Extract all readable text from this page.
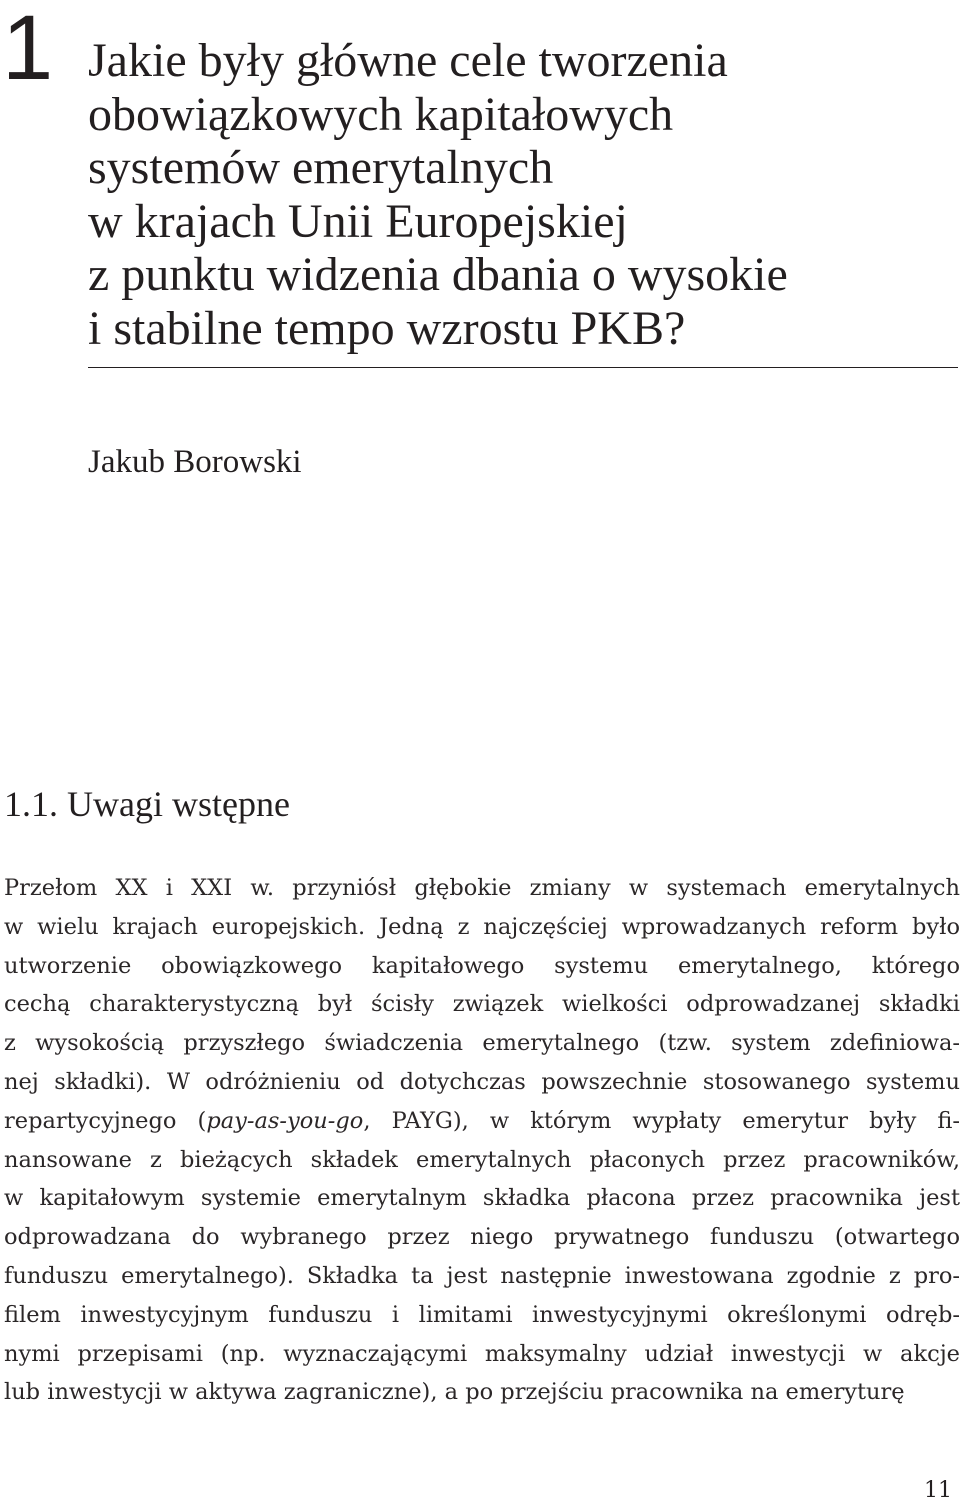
1 Jakie były główne cele tworzenia
obowiązkowych kapitałowych
systemów emerytalnych
w krajach Unii Europejskiej
z punktu widzenia dbania o wysokie
i stabilne tempo wzrostu PKB?

Jakub Borowski

1.1. Uwagi wstępne
Przełom XX i XXI w. przyniósł głębokie zmiany w systemach emerytalnych
w wielu krajach europejskich. Jedną z najczęściej wprowadzanych reform było
utworzenie obowiązkowego kapitałowego systemu emerytalnego, którego
cechą charakterystyczną był ścisły związek wielkości odprowadzanej składki
z wysokością przyszłego świadczenia emerytalnego (tzw. system zdefiniowa-
nej składki). W odróżnieniu od dotychczas powszechnie stosowanego systemu
repartycyjnego (pay-as-you-go, PAYG), w którym wypłaty emerytur były fi-
nansowane z bieżących składek emerytalnych płaconych przez pracowników,
w kapitałowym systemie emerytalnym składka płacona przez pracownika jest
odprowadzana do wybranego przez niego prywatnego funduszu (otwartego
funduszu emerytalnego). Składka ta jest następnie inwestowana zgodnie z pro-
filem inwestycyjnym funduszu i limitami inwestycyjnymi określonymi odręb-
nymi przepisami (np. wyznaczającymi maksymalny udział inwestycji w akcje
lub inwestycji w aktywa zagraniczne), a po przejściu pracownika na emeryturę
11
